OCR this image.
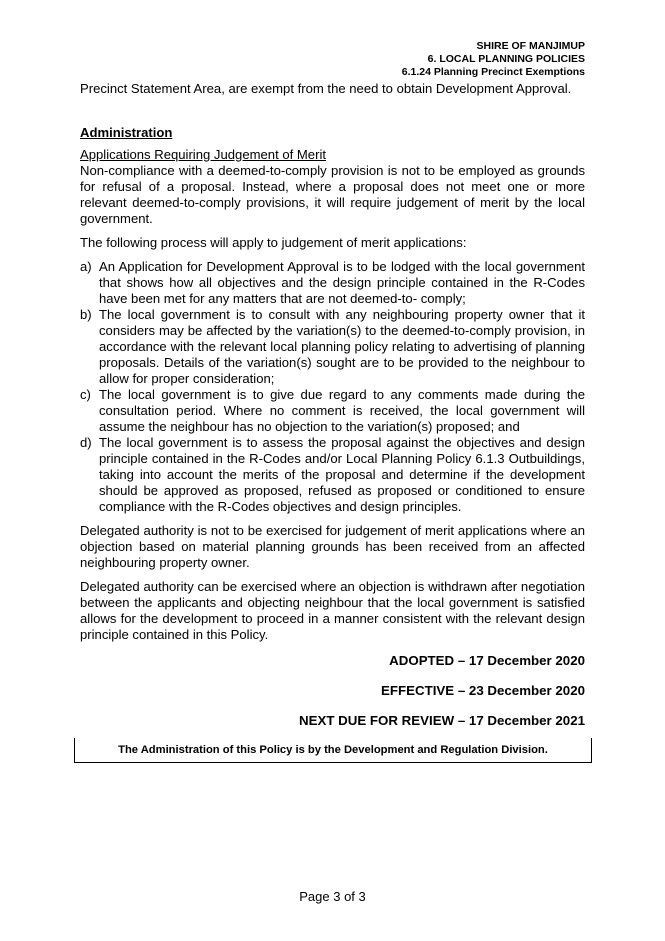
SHIRE OF MANJIMUP
6. LOCAL PLANNING POLICIES
6.1.24 Planning Precinct Exemptions

Precinct Statement Area, are exempt from the need to obtain Development Approval.

Administration

Applications Requiring Judgement of Merit

Non-compliance with a deemed-to-comply provision is not to be employed as grounds for refusal of a proposal. Instead, where a proposal does not meet one or more relevant deemed-to-comply provisions, it will require judgement of merit by the local government.

The following process will apply to judgement of merit applications:

a) An Application for Development Approval is to be lodged with the local government that shows how all objectives and the design principle contained in the R-Codes have been met for any matters that are not deemed-to- comply;
b) The local government is to consult with any neighbouring property owner that it considers may be affected by the variation(s) to the deemed-to-comply provision, in accordance with the relevant local planning policy relating to advertising of planning proposals. Details of the variation(s) sought are to be provided to the neighbour to allow for proper consideration;
c) The local government is to give due regard to any comments made during the consultation period. Where no comment is received, the local government will assume the neighbour has no objection to the variation(s) proposed; and
d) The local government is to assess the proposal against the objectives and design principle contained in the R-Codes and/or Local Planning Policy 6.1.3 Outbuildings, taking into account the merits of the proposal and determine if the development should be approved as proposed, refused as proposed or conditioned to ensure compliance with the R-Codes objectives and design principles.

Delegated authority is not to be exercised for judgement of merit applications where an objection based on material planning grounds has been received from an affected neighbouring property owner.

Delegated authority can be exercised where an objection is withdrawn after negotiation between the applicants and objecting neighbour that the local government is satisfied allows for the development to proceed in a manner consistent with the relevant design principle contained in this Policy.

ADOPTED – 17 December 2020

EFFECTIVE – 23 December 2020

NEXT DUE FOR REVIEW – 17 December 2021

The Administration of this Policy is by the Development and Regulation Division.
Page 3 of 3
